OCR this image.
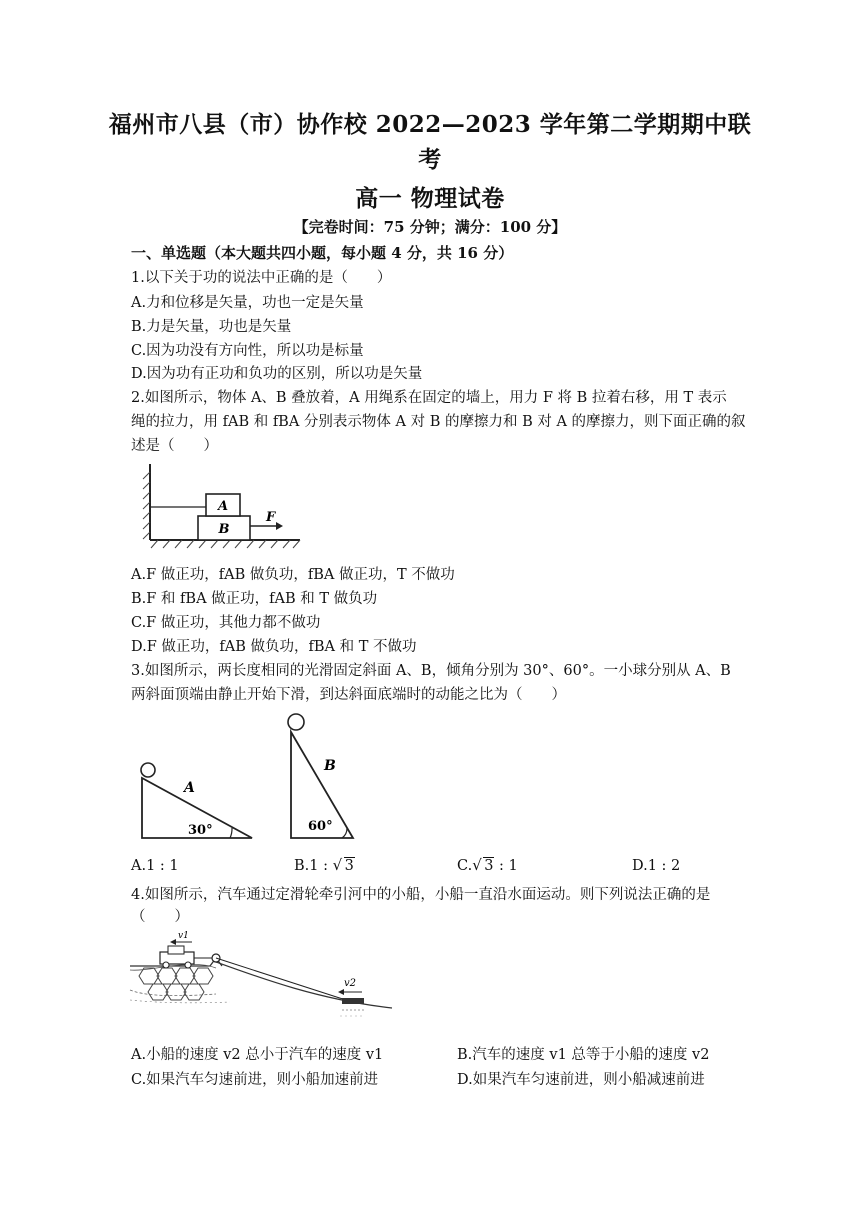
福州市八县（市）协作校 2022—2023 学年第二学期期中联
考
高一 物理试卷
【完卷时间：75 分钟；满分：100 分】
一、单选题（本大题共四小题，每小题 4 分，共 16 分）
1.以下关于功的说法中正确的是（　　）
A.力和位移是矢量，功也一定是矢量
B.力是矢量，功也是矢量
C.因为功没有方向性，所以功是标量
D.因为功有正功和负功的区别，所以功是矢量
2.如图所示，物体 A、B 叠放着，A 用绳系在固定的墙上，用力 F 将 B 拉着右移，用 T 表示
绳的拉力，用 fAB 和 fBA 分别表示物体 A 对 B 的摩擦力和 B 对 A 的摩擦力，则下面正确的叙
述是（　　）
A
B
F
A.F 做正功，fAB 做负功，fBA 做正功，T 不做功
B.F 和 fBA 做正功，fAB 和 T 做负功
C.F 做正功，其他力都不做功
D.F 做正功，fAB 做负功，fBA 和 T 不做功
3.如图所示，两长度相同的光滑固定斜面 A、B，倾角分别为 30°、60°。一小球分别从 A、B
两斜面顶端由静止开始下滑，到达斜面底端时的动能之比为（　　）
A
30°
B
60°
A.1 : 1	B.1 : √ 3	C. √ 3 : 1	D.1 : 2
4.如图所示，汽车通过定滑轮牵引河中的小船，小船一直沿水面运动。则下列说法正确的是
（　　）
v1
v2
A.小船的速度 v2 总小于汽车的速度 v1	B.汽车的速度 v1 总等于小船的速度 v2
C.如果汽车匀速前进，则小船加速前进	D.如果汽车匀速前进，则小船减速前进
